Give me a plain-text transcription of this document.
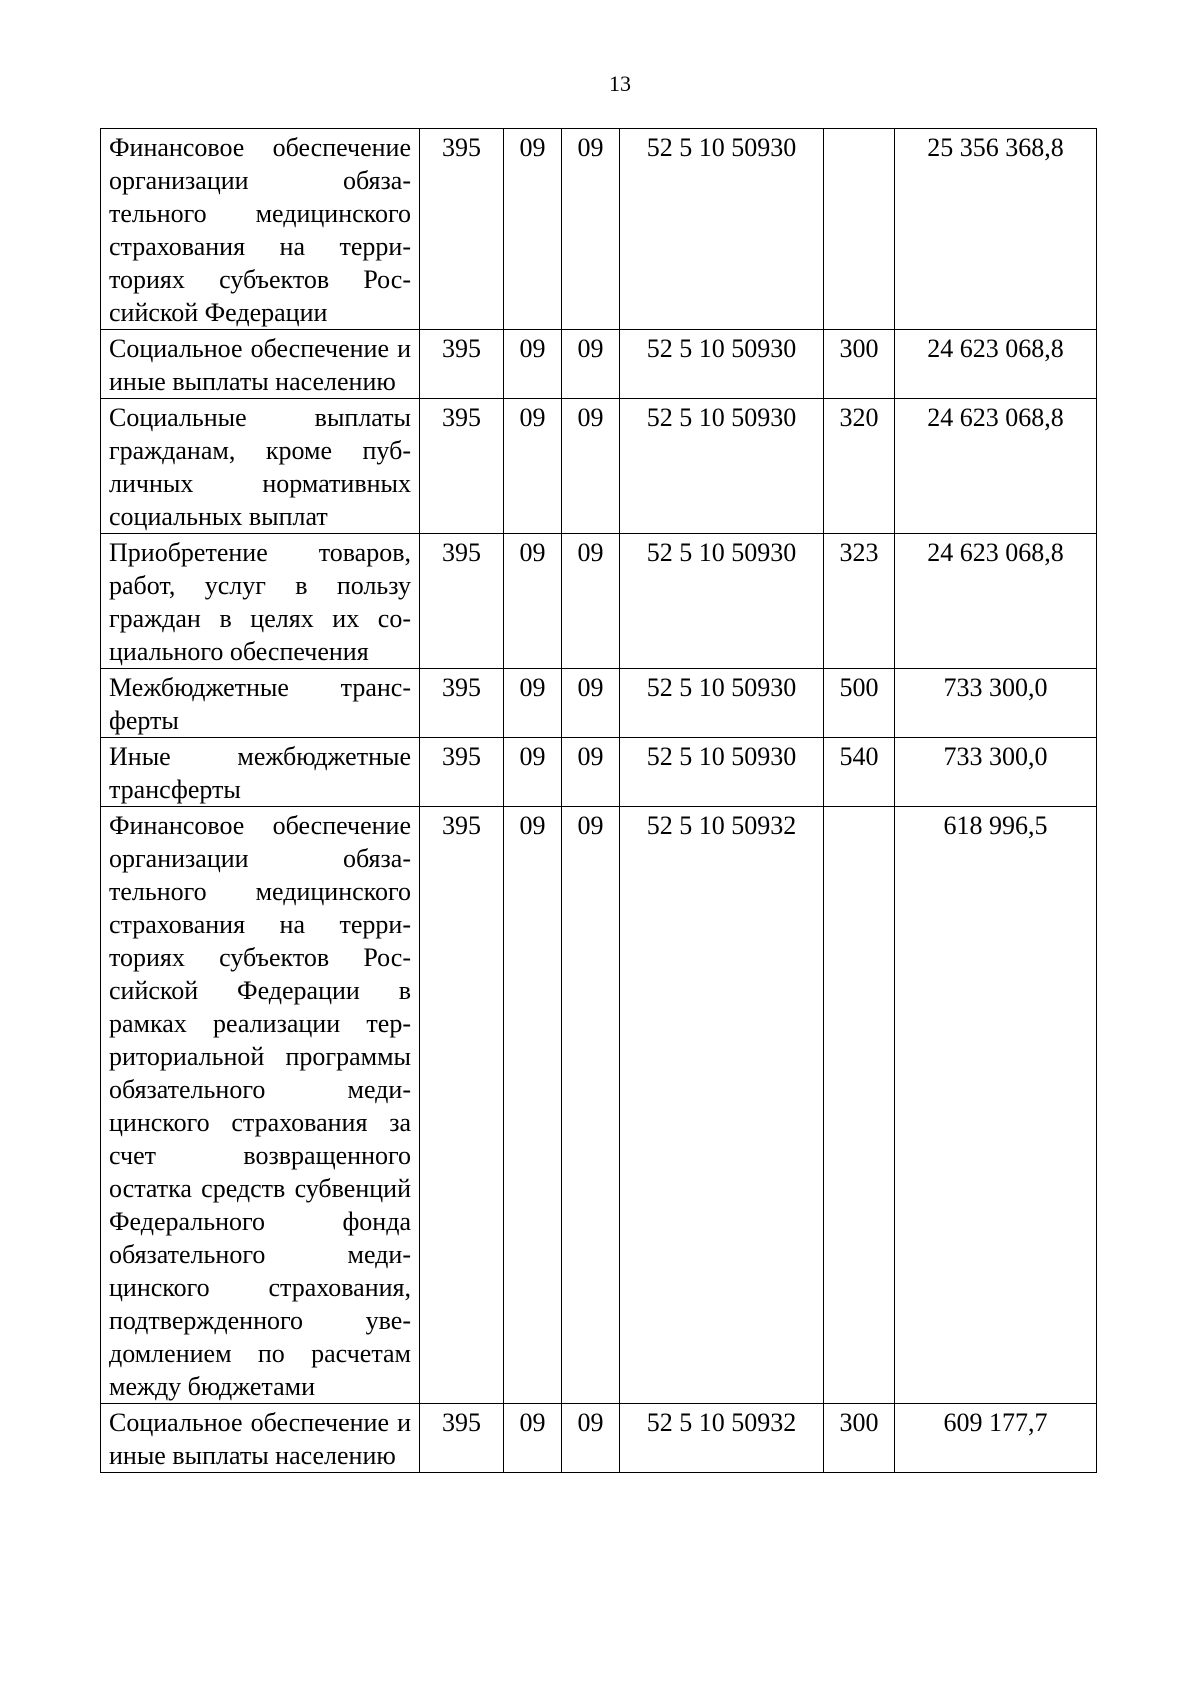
13
Финансовое обеспечение организации обязательного медицинского страхования на территориях субъектов Российской Федерации	395	09	09	52 5 10 50930		25 356 368,8
Социальное обеспечение и иные выплаты населению	395	09	09	52 5 10 50930	300	24 623 068,8
Социальные выплаты гражданам, кроме публичных нормативных социальных выплат	395	09	09	52 5 10 50930	320	24 623 068,8
Приобретение товаров, работ, услуг в пользу граждан в целях их социального обеспечения	395	09	09	52 5 10 50930	323	24 623 068,8
Межбюджетные трансферты	395	09	09	52 5 10 50930	500	733 300,0
Иные межбюджетные трансферты	395	09	09	52 5 10 50930	540	733 300,0
Финансовое обеспечение организации обязательного медицинского страхования на территориях субъектов Российской Федерации в рамках реализации территориальной программы обязательного медицинского страхования за счет возвращенного остатка средств субвенций Федерального фонда обязательного медицинского страхования, подтвержденного уведомлением по расчетам между бюджетами	395	09	09	52 5 10 50932		618 996,5
Социальное обеспечение и иные выплаты населению	395	09	09	52 5 10 50932	300	609 177,7
